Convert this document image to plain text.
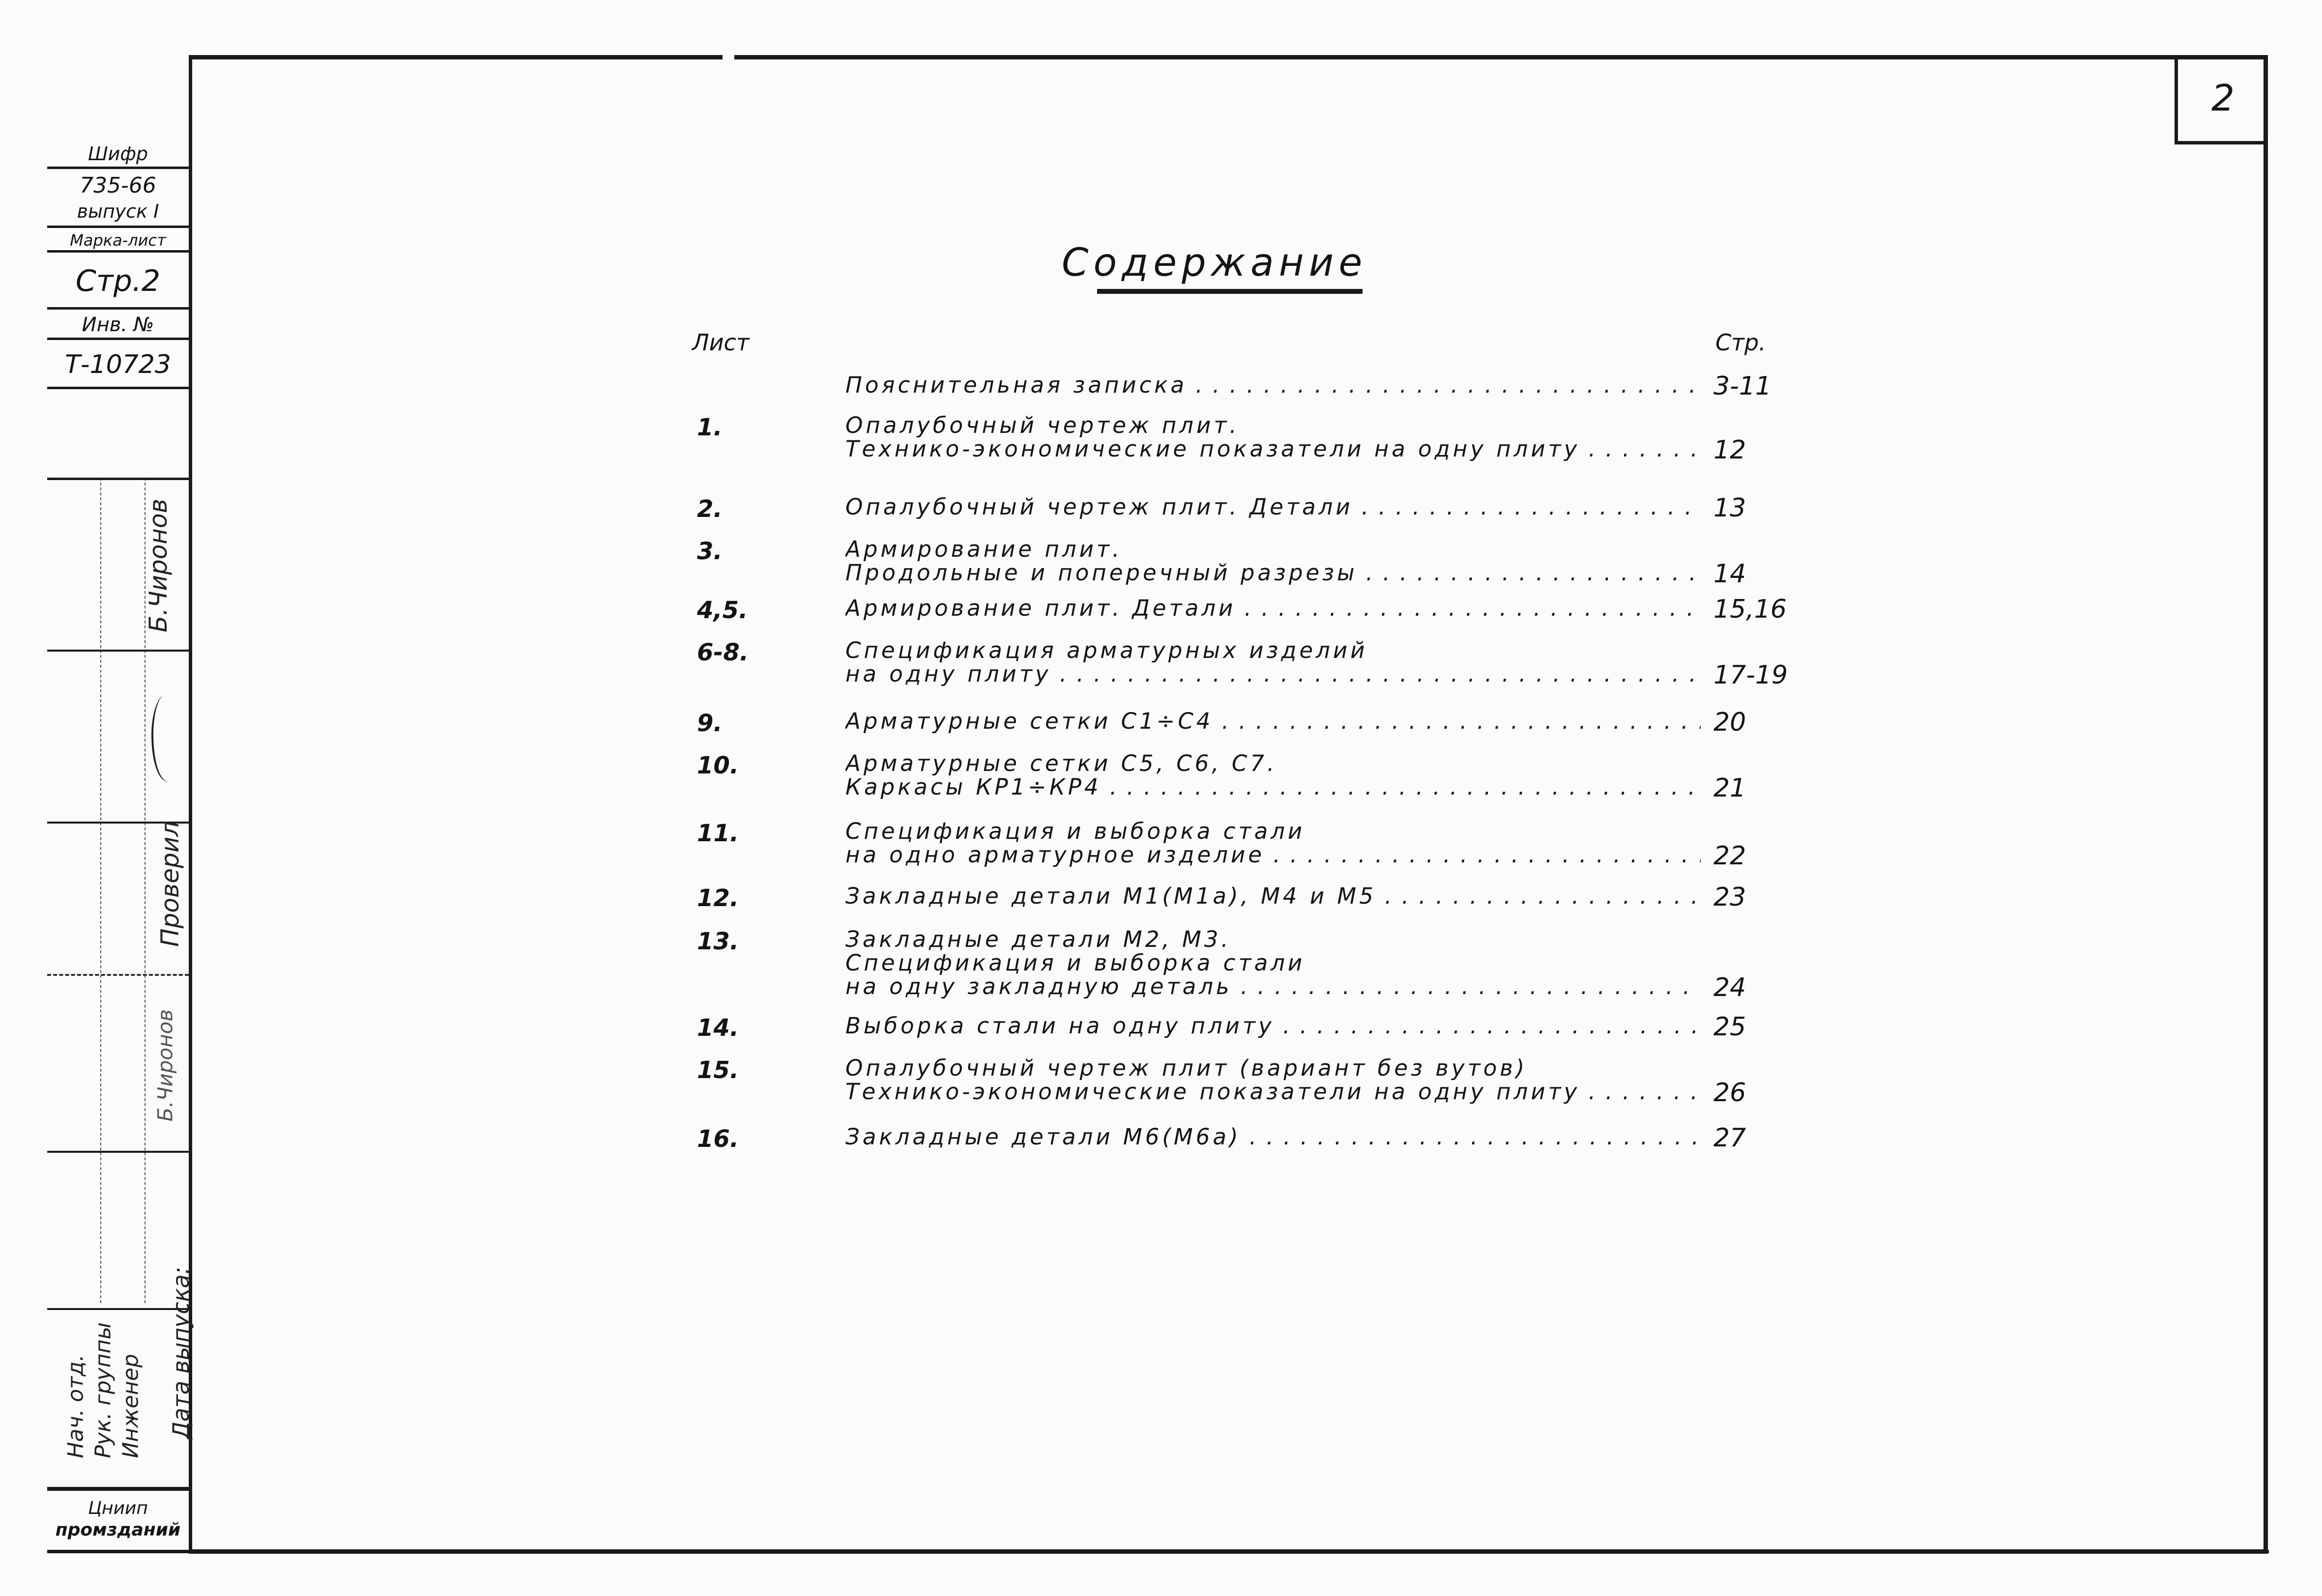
2
Шифр
735-66
выпуск I
Марка-лист
Стр.2
Инв. №
Т-10723
Б.Чиронов
Проверил
Б.Чиронов
Нач. отд. Рук. группы Инженер Дата выпуска:
Цниип
промзданий
Содержание
Лист	Стр.
Пояснительная записка . . .	3-11
1.	Опалубочный чертеж плит.
Технико-экономические показатели на одну плиту . . .	12
2.	Опалубочный чертеж плит. Детали . . .	13
3.	Армирование плит.
Продольные и поперечный разрезы . . .	14
4,5.	Армирование плит. Детали . . .	15,16
6-8.	Спецификация арматурных изделий
на одну плиту . . .	17-19
9.	Арматурные сетки С1÷С4 . . .	20
10.	Арматурные сетки С5, С6, С7.
Каркасы КР1÷КР4 . . .	21
11.	Спецификация и выборка стали
на одно арматурное изделие . . .	22
12.	Закладные детали М1(М1а), М4 и М5 . . .	23
13.	Закладные детали М2, М3.
Спецификация и выборка стали
на одну закладную деталь . . .	24
14.	Выборка стали на одну плиту . . .	25
15.	Опалубочный чертеж плит (вариант без вутов)
Технико-экономические показатели на одну плиту . . .	26
16.	Закладные детали М6(М6а) . . .	27
